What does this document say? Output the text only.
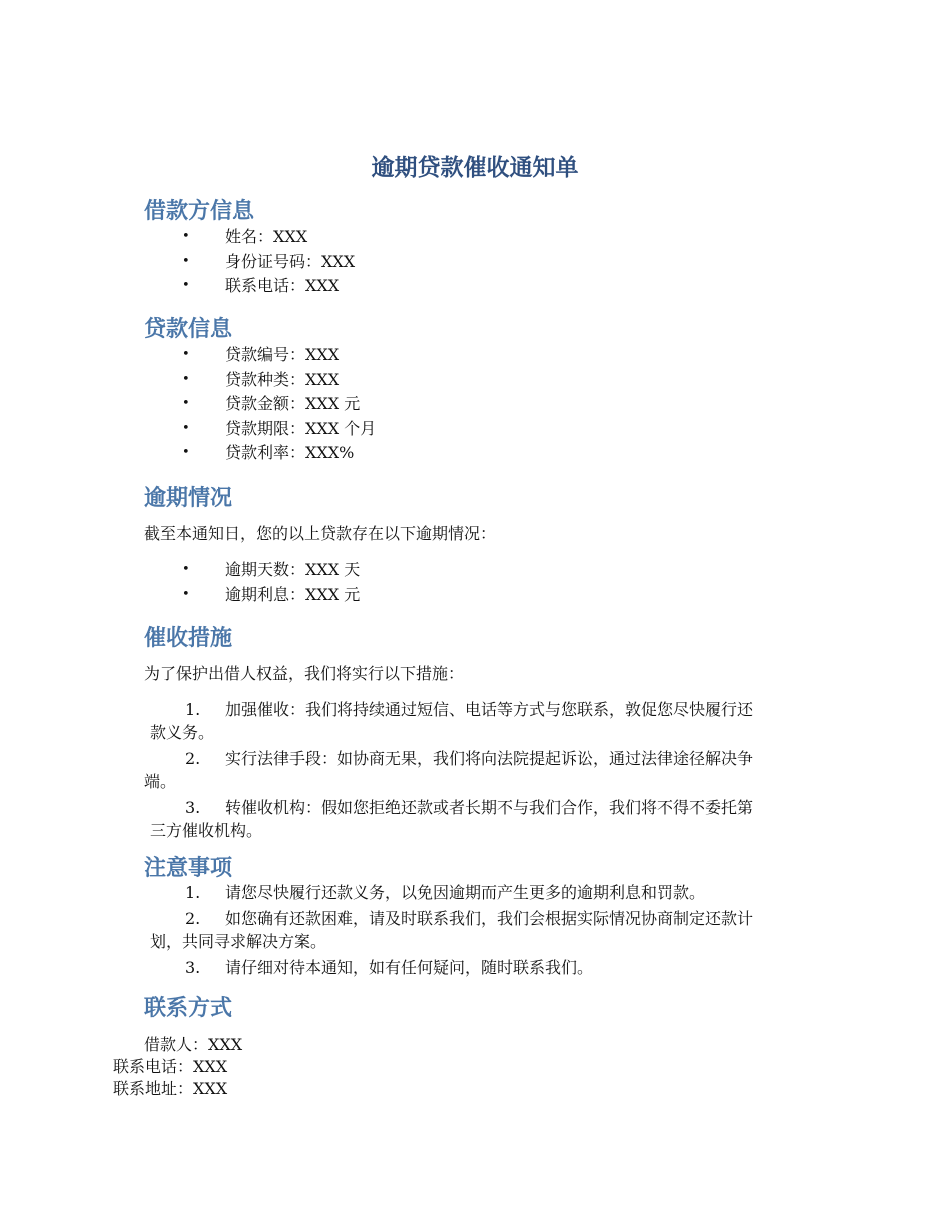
逾期贷款催收通知单
借款方信息
• 姓名：XXX
• 身份证号码：XXX
• 联系电话：XXX
贷款信息
• 贷款编号：XXX
• 贷款种类：XXX
• 贷款金额：XXX 元
• 贷款期限：XXX 个月
• 贷款利率：XXX%
逾期情况
截至本通知日，您的以上贷款存在以下逾期情况：
• 逾期天数：XXX 天
• 逾期利息：XXX 元
催收措施
为了保护出借人权益，我们将实行以下措施：
1. 加强催收：我们将持续通过短信、电话等方式与您联系，敦促您尽快履行还
款义务。
2. 实行法律手段：如协商无果，我们将向法院提起诉讼，通过法律途径解决争
端。
3. 转催收机构：假如您拒绝还款或者长期不与我们合作，我们将不得不委托第
三方催收机构。
注意事项
1. 请您尽快履行还款义务，以免因逾期而产生更多的逾期利息和罚款。
2. 如您确有还款困难，请及时联系我们，我们会根据实际情况协商制定还款计
划，共同寻求解决方案。
3. 请仔细对待本通知，如有任何疑问，随时联系我们。
联系方式
借款人：XXX
联系电话：XXX
联系地址：XXX
